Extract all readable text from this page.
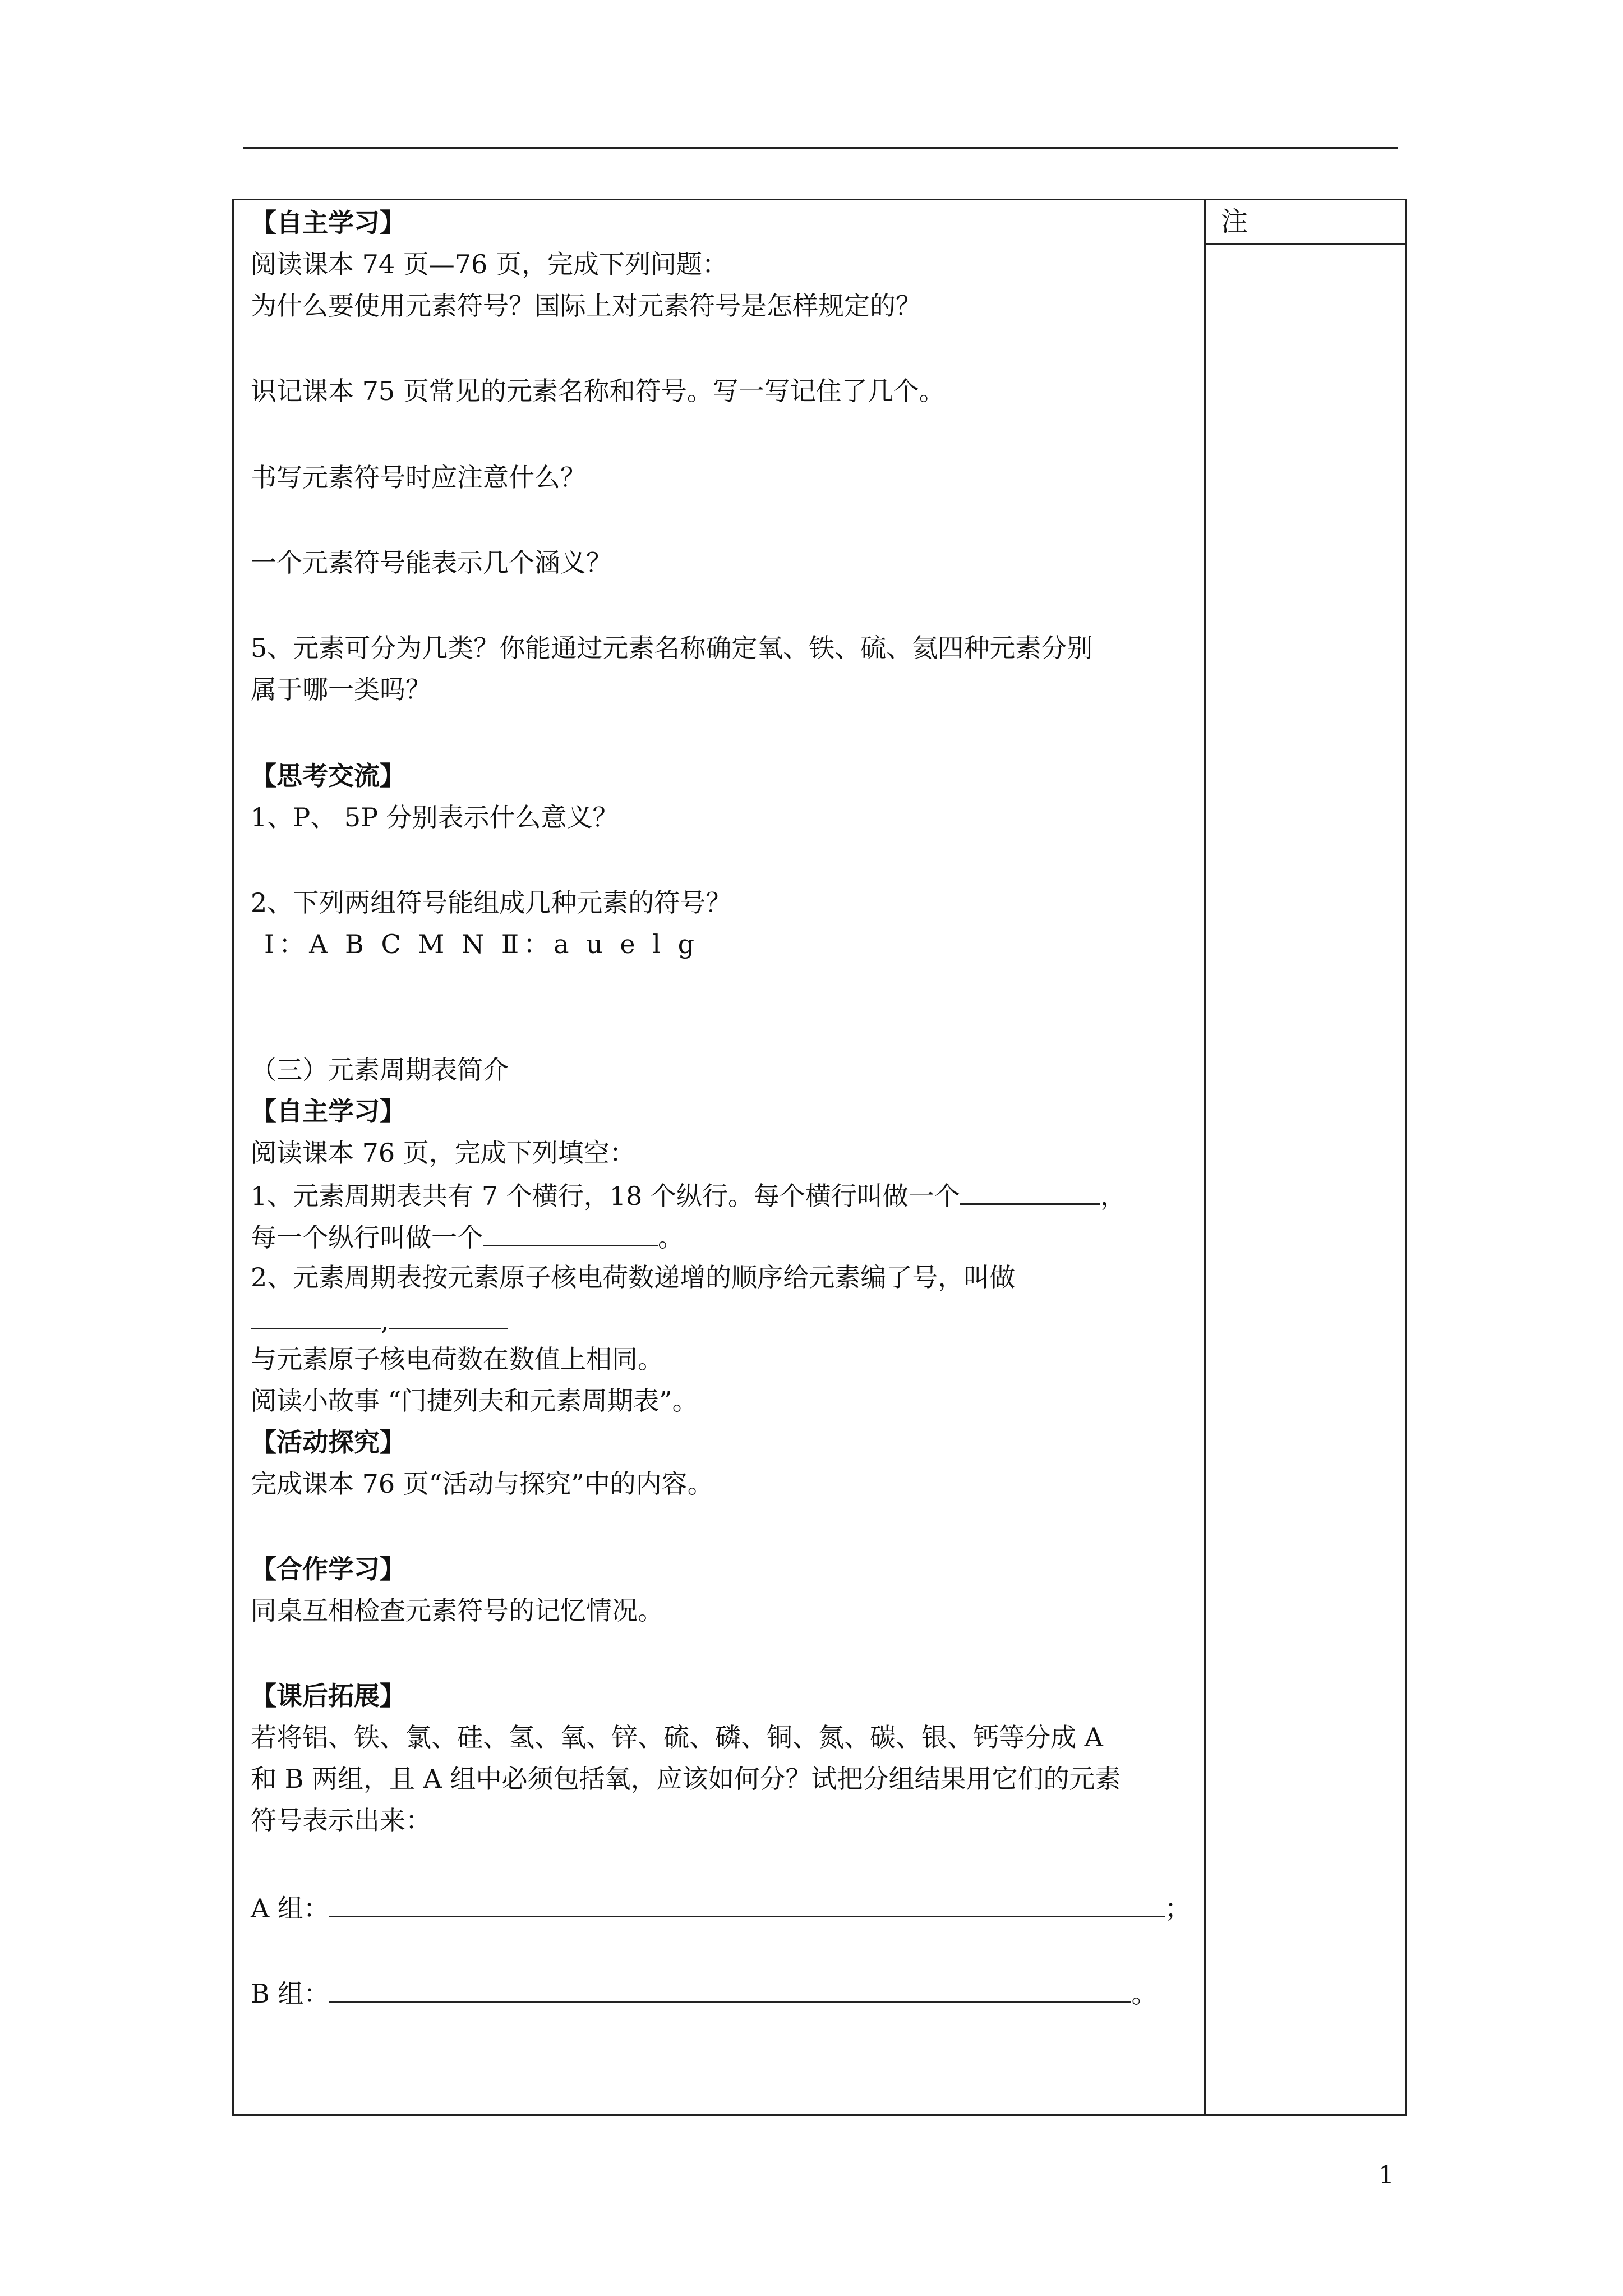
注
【自主学习】
阅读课本 74 页—76 页，完成下列问题：
为什么要使用元素符号？国际上对元素符号是怎样规定的？
识记课本 75 页常见的元素名称和符号。写一写记住了几个。
书写元素符号时应注意什么？
一个元素符号能表示几个涵义？
5、元素可分为几类？你能通过元素名称确定氧、铁、硫、氦四种元素分别
属于哪一类吗？
【思考交流】
1、P、 5P 分别表示什么意义？
2、下列两组符号能组成几种元素的符号？
Ⅰ：A B C M N Ⅱ：a u e l g
（三）元素周期表简介
【自主学习】
阅读课本 76 页，完成下列填空：
1、元素周期表共有 7 个横行，18 个纵行。每个横行叫做一个	，
每一个纵行叫做一个	。
2、元素周期表按元素原子核电荷数递增的顺序给元素编了号，叫做
,
与元素原子核电荷数在数值上相同。
阅读小故事 “门捷列夫和元素周期表”。
【活动探究】
完成课本 76 页“活动与探究”中的内容。
【合作学习】
同桌互相检查元素符号的记忆情况。
【课后拓展】
若将铝、铁、氯、硅、氢、氧、锌、硫、磷、铜、氮、碳、银、钙等分成 A
和 B 两组，且 A 组中必须包括氧，应该如何分？试把分组结果用它们的元素
符号表示出来：
A 组：	；
B 组：	。
1
